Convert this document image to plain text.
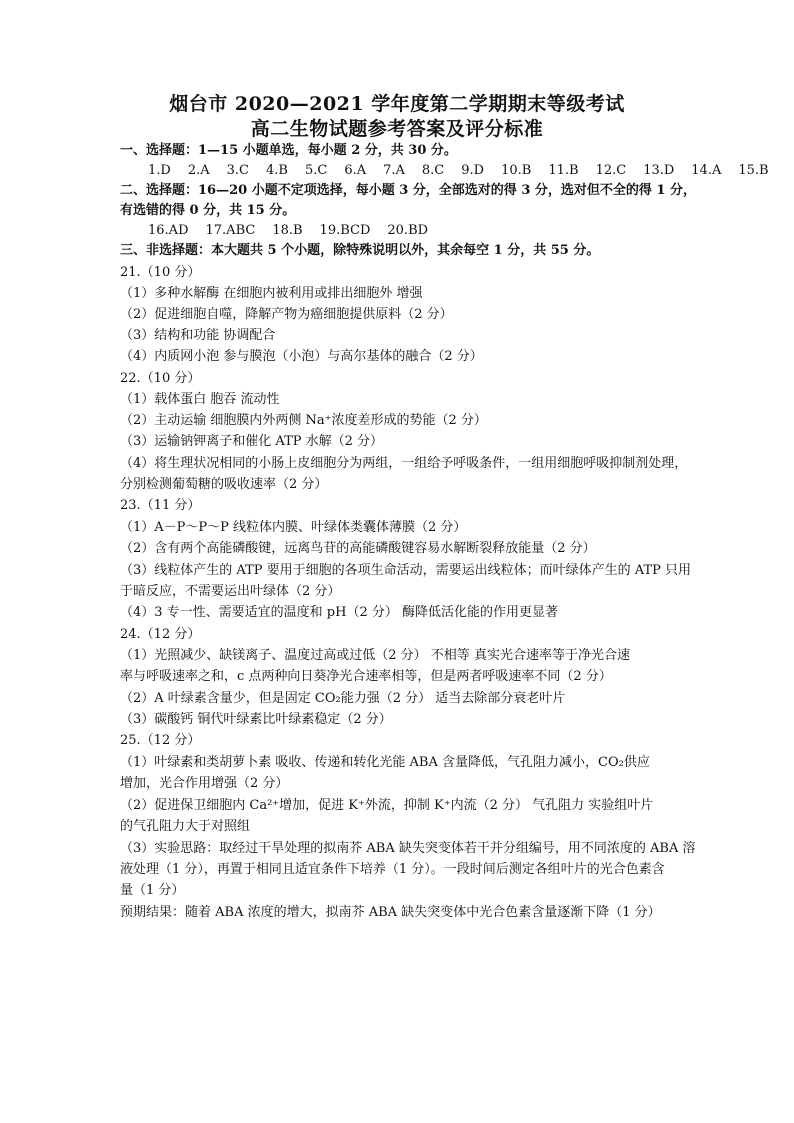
烟台市 2020—2021 学年度第二学期期末等级考试
高二生物试题参考答案及评分标准
一、选择题：1—15 小题单选，每小题 2 分，共 30 分。
1.D 2.A 3.C 4.B 5.C 6.A 7.A 8.C 9.D 10.B 11.B 12.C 13.D 14.A 15.B
二、选择题：16—20 小题不定项选择，每小题 3 分，全部选对的得 3 分，选对但不全的得 1 分，
有选错的得 0 分，共 15 分。
16.AD 17.ABC 18.B 19.BCD 20.BD
三、非选择题：本大题共 5 个小题，除特殊说明以外，其余每空 1 分，共 55 分。
21.（10 分）
（1）多种水解酶 在细胞内被利用或排出细胞外 增强
（2）促进细胞自噬，降解产物为癌细胞提供原料（2 分）
（3）结构和功能 协调配合
（4）内质网小泡 参与膜泡（小泡）与高尔基体的融合（2 分）
22.（10 分）
（1）载体蛋白 胞吞 流动性
（2）主动运输 细胞膜内外两侧 Na⁺浓度差形成的势能（2 分）
（3）运输钠钾离子和催化 ATP 水解（2 分）
（4）将生理状况相同的小肠上皮细胞分为两组，一组给予呼吸条件，一组用细胞呼吸抑制剂处理，
分别检测葡萄糖的吸收速率（2 分）
23.（11 分）
（1）A－P～P～P 线粒体内膜、叶绿体类囊体薄膜（2 分）
（2）含有两个高能磷酸键，远离鸟苷的高能磷酸键容易水解断裂释放能量（2 分）
（3）线粒体产生的 ATP 要用于细胞的各项生命活动，需要运出线粒体；而叶绿体产生的 ATP 只用
于暗反应，不需要运出叶绿体（2 分）
（4）3 专一性、需要适宜的温度和 pH（2 分） 酶降低活化能的作用更显著
24.（12 分）
（1）光照减少、缺镁离子、温度过高或过低（2 分） 不相等 真实光合速率等于净光合速
率与呼吸速率之和，c 点两种向日葵净光合速率相等，但是两者呼吸速率不同（2 分）
（2）A 叶绿素含量少，但是固定 CO₂能力强（2 分） 适当去除部分衰老叶片
（3）碳酸钙 铜代叶绿素比叶绿素稳定（2 分）
25.（12 分）
（1）叶绿素和类胡萝卜素 吸收、传递和转化光能 ABA 含量降低，气孔阻力减小，CO₂供应
增加，光合作用增强（2 分）
（2）促进保卫细胞内 Ca²⁺增加，促进 K⁺外流，抑制 K⁺内流（2 分） 气孔阻力 实验组叶片
的气孔阻力大于对照组
（3）实验思路：取经过干旱处理的拟南芥 ABA 缺失突变体若干并分组编号，用不同浓度的 ABA 溶
液处理（1 分），再置于相同且适宜条件下培养（1 分）。一段时间后测定各组叶片的光合色素含
量（1 分）
预期结果：随着 ABA 浓度的增大，拟南芥 ABA 缺失突变体中光合色素含量逐渐下降（1 分）
